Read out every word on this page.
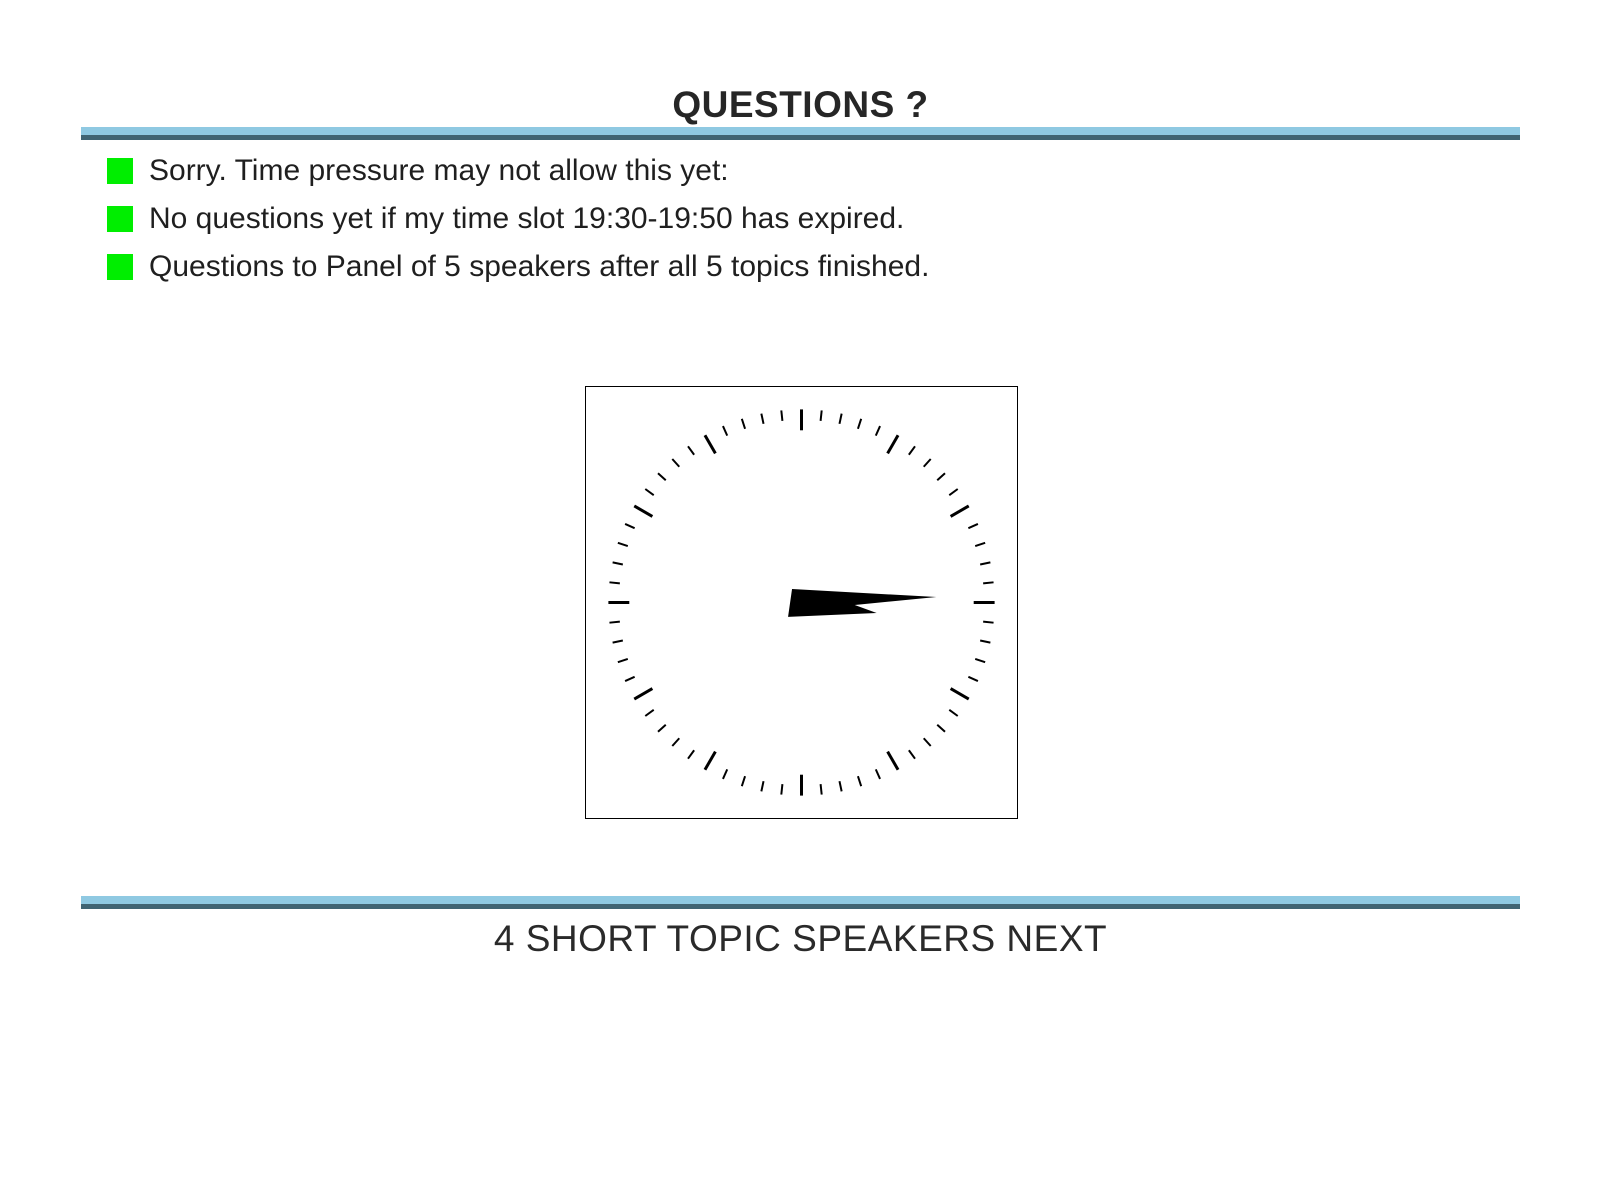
QUESTIONS ?
Sorry. Time pressure may not allow this yet:
No questions yet if my time slot 19:30-19:50 has expired.
Questions to Panel of 5 speakers after all 5 topics finished.
4 SHORT TOPIC SPEAKERS NEXT
